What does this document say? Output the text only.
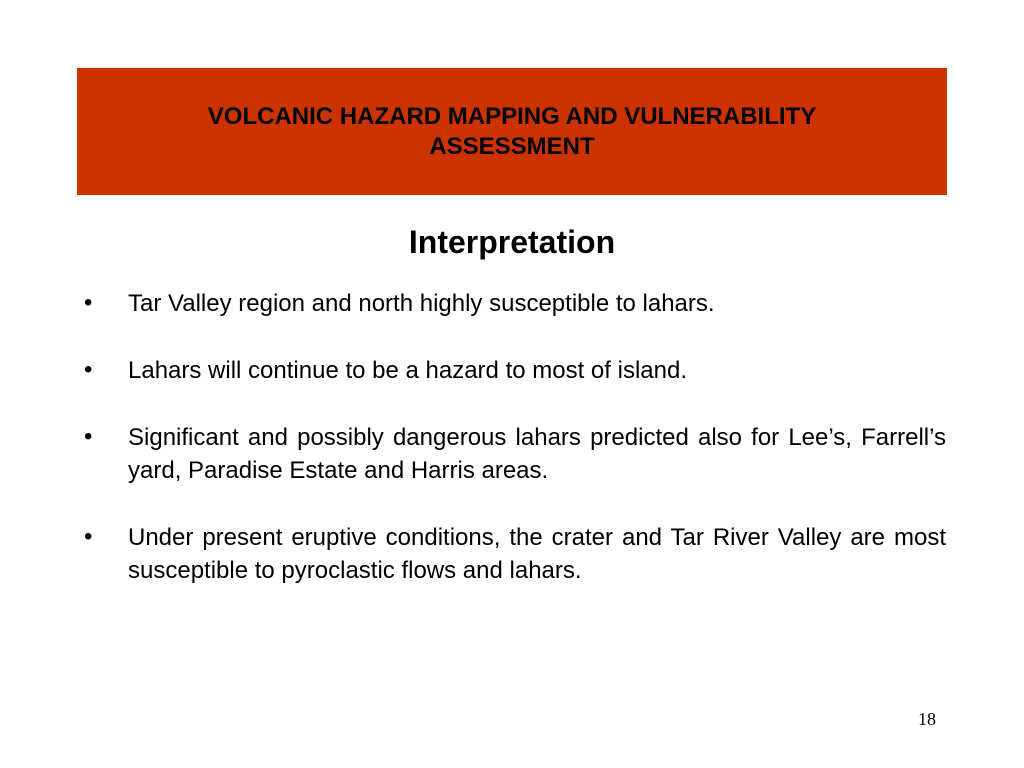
VOLCANIC HAZARD MAPPING AND VULNERABILITY ASSESSMENT
Interpretation
•	Tar Valley region and north highly susceptible to lahars.
•	Lahars will continue to be a hazard to most of island.
•	Significant and possibly dangerous lahars predicted also for Lee’s, Farrell’s yard, Paradise Estate and Harris areas.
•	Under present eruptive conditions, the crater and Tar River Valley are most susceptible to pyroclastic flows and lahars.
18
